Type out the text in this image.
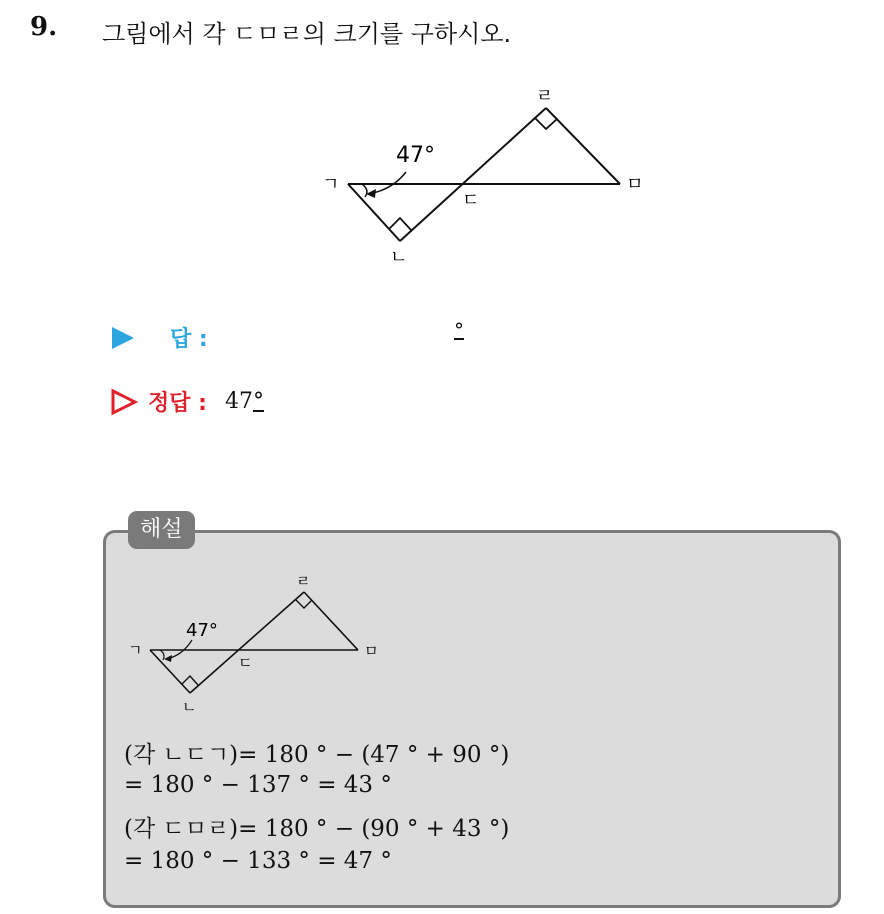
9. 그림에서 각 ㄷㅁㄹ의 크기를 구하시오.
47°
ㄱ
ㄴ
ㄷ
ㄹ
ㅁ
답 :	°
정답 : 47 °
해설
47°
ㄱ
ㄴ
ㄷ
ㄹ
ㅁ
(각 ㄴㄷㄱ)= 180 ° − (47 ° + 90 °)
= 180 ° − 137 ° = 43 °
(각 ㄷㅁㄹ)= 180 ° − (90 ° + 43 °)
= 180 ° − 133 ° = 47 °
